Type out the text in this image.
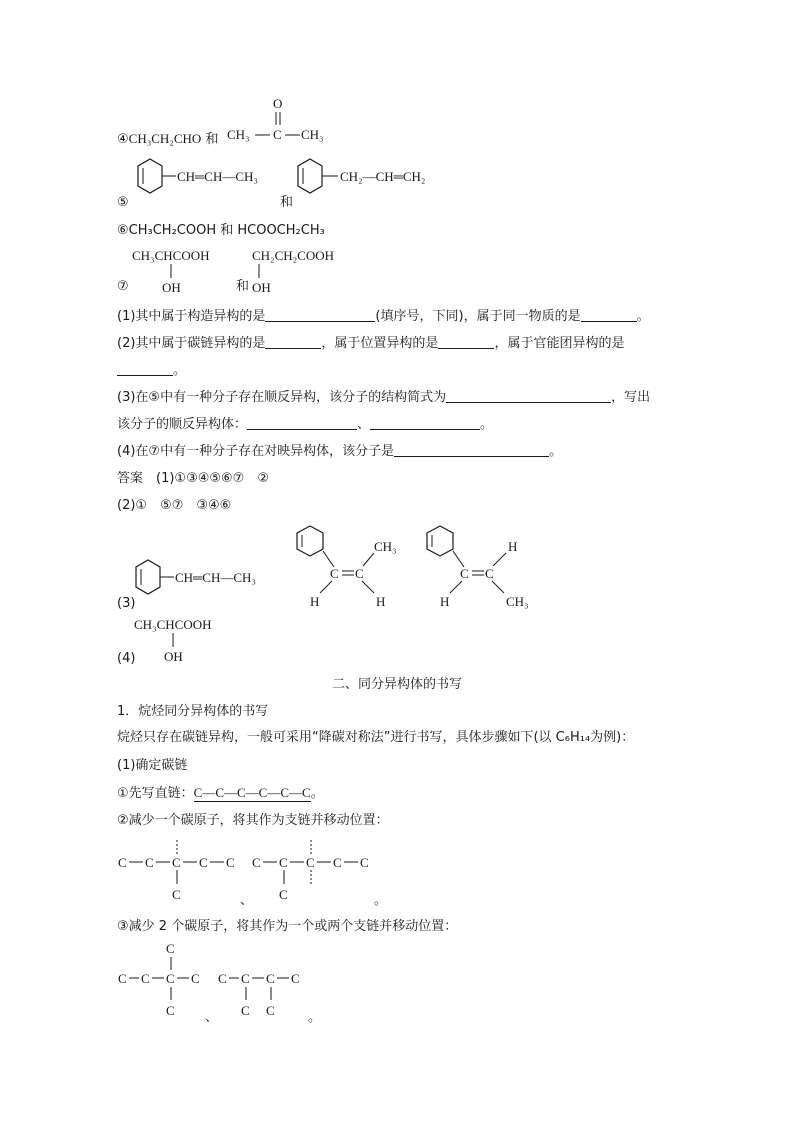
④CH₃CH₂CHO 和
O
CH₃ C CH₃
⑤
CH═CH—CH₃	CH₂—CH═CH₂
和
⑥CH₃CH₂COOH 和 HCOOCH₂CH₃
CH₃CHCOOH
OH
CH₂CH₂COOH
OH
⑦	和
(1)其中属于构造异构的是	(填序号，下同)，属于同一物质的是	。
(2)其中属于碳链异构的是	，属于位置异构的是	，属于官能团异构的是
。
(3)在⑤中有一种分子存在顺反异构，该分子的结构简式为	，写出
该分子的顺反异构体：	、	。
(4)在⑦中有一种分子存在对映异构体，该分子是	。
答案　(1)①③④⑤⑥⑦　②
(2)①　⑤⑦　③④⑥
(3)
CH═CH—CH₃	C C
CH₃
H	H
C C
H
H	CH₃
(4)
CH₃CHCOOH
OH
二、同分异构体的书写
1．烷烃同分异构体的书写
烷烃只存在碳链异构，一般可采用“降碳对称法”进行书写，具体步骤如下(以 C₆H₁₄为例)：
(1)确定碳链
①先写直链：C—C—C—C—C—C。
②减少一个碳原子，将其作为支链并移动位置：
C C C C C
C	、
C C C C C
C	。
③减少 2 个碳原子，将其作为一个或两个支链并移动位置：
C
C C C C
C 、
C C C C
C C	。
